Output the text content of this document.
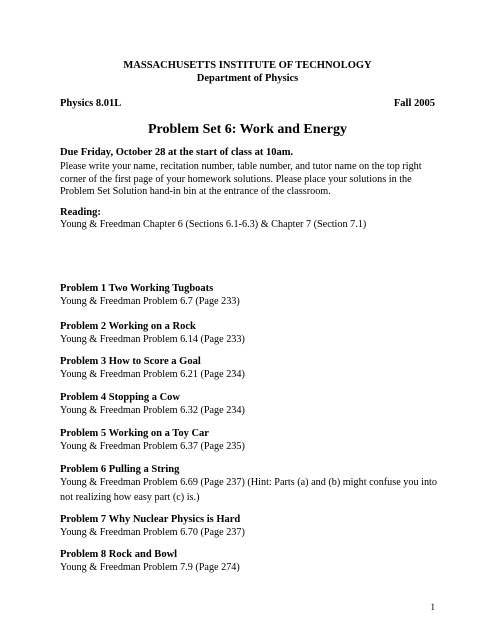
MASSACHUSETTS INSTITUTE OF TECHNOLOGY
Department of Physics
Physics 8.01L	Fall 2005
Problem Set 6: Work and Energy
Due Friday, October 28 at the start of class at 10am.
Please write your name, recitation number, table number, and tutor name on the top right corner of the first page of your homework solutions. Please place your solutions in the Problem Set Solution hand-in bin at the entrance of the classroom.
Reading:
Young & Freedman Chapter 6 (Sections 6.1-6.3) & Chapter 7 (Section 7.1)
Problem 1 Two Working Tugboats
Young & Freedman Problem 6.7 (Page 233)
Problem 2 Working on a Rock
Young & Freedman Problem 6.14 (Page 233)
Problem 3 How to Score a Goal
Young & Freedman Problem 6.21 (Page 234)
Problem 4 Stopping a Cow
Young & Freedman Problem 6.32 (Page 234)
Problem 5 Working on a Toy Car
Young & Freedman Problem 6.37 (Page 235)
Problem 6 Pulling a String
Young & Freedman Problem 6.69 (Page 237) (Hint: Parts (a) and (b) might confuse you into not realizing how easy part (c) is.)
Problem 7 Why Nuclear Physics is Hard
Young & Freedman Problem 6.70 (Page 237)
Problem 8 Rock and Bowl
Young & Freedman Problem 7.9 (Page 274)
1
